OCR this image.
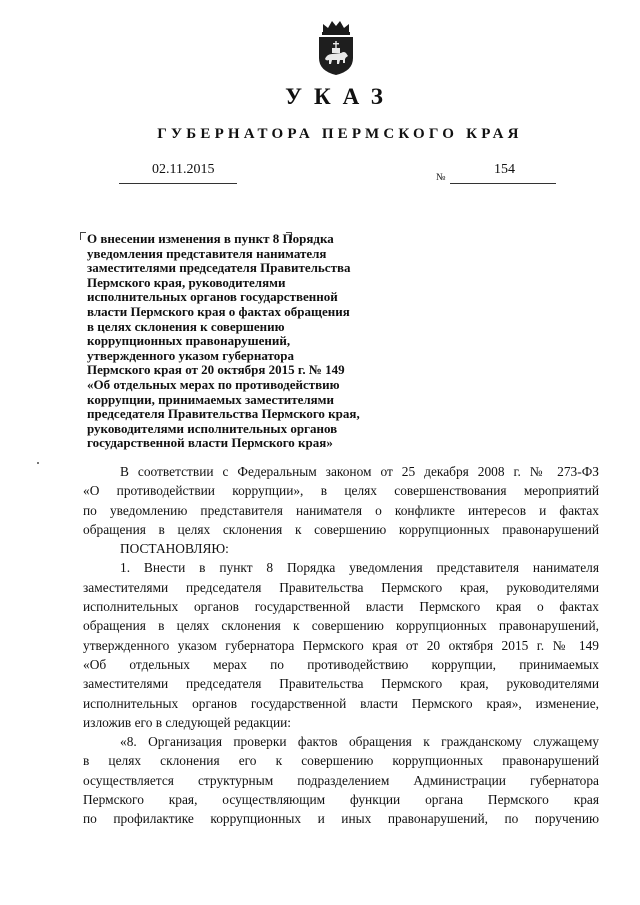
УКАЗ
ГУБЕРНАТОРА ПЕРМСКОГО КРАЯ
02.11.2015
№
154
О внесении изменения в пункт 8 Порядка
уведомления представителя нанимателя
заместителями председателя Правительства
Пермского края, руководителями
исполнительных органов государственной
власти Пермского края о фактах обращения
в целях склонения к совершению
коррупционных правонарушений,
утвержденного указом губернатора
Пермского края от 20 октября 2015 г. № 149
«Об отдельных мерах по противодействию
коррупции, принимаемых заместителями
председателя Правительства Пермского края,
руководителями исполнительных органов
государственной власти Пермского края»
В соответствии с Федеральным законом от 25 декабря 2008 г. № 273-ФЗ
«О противодействии коррупции», в целях совершенствования мероприятий
по уведомлению представителя нанимателя о конфликте интересов и фактах
обращения в целях склонения к совершению коррупционных правонарушений
ПОСТАНОВЛЯЮ:
1. Внести в пункт 8 Порядка уведомления представителя нанимателя
заместителями председателя Правительства Пермского края, руководителями
исполнительных органов государственной власти Пермского края о фактах
обращения в целях склонения к совершению коррупционных правонарушений,
утвержденного указом губернатора Пермского края от 20 октября 2015 г. № 149
«Об отдельных мерах по противодействию коррупции, принимаемых
заместителями председателя Правительства Пермского края, руководителями
исполнительных органов государственной власти Пермского края», изменение,
изложив его в следующей редакции:
«8. Организация проверки фактов обращения к гражданскому служащему
в целях склонения его к совершению коррупционных правонарушений
осуществляется структурным подразделением Администрации губернатора
Пермского края, осуществляющим функции органа Пермского края
по профилактике коррупционных и иных правонарушений, по поручению
